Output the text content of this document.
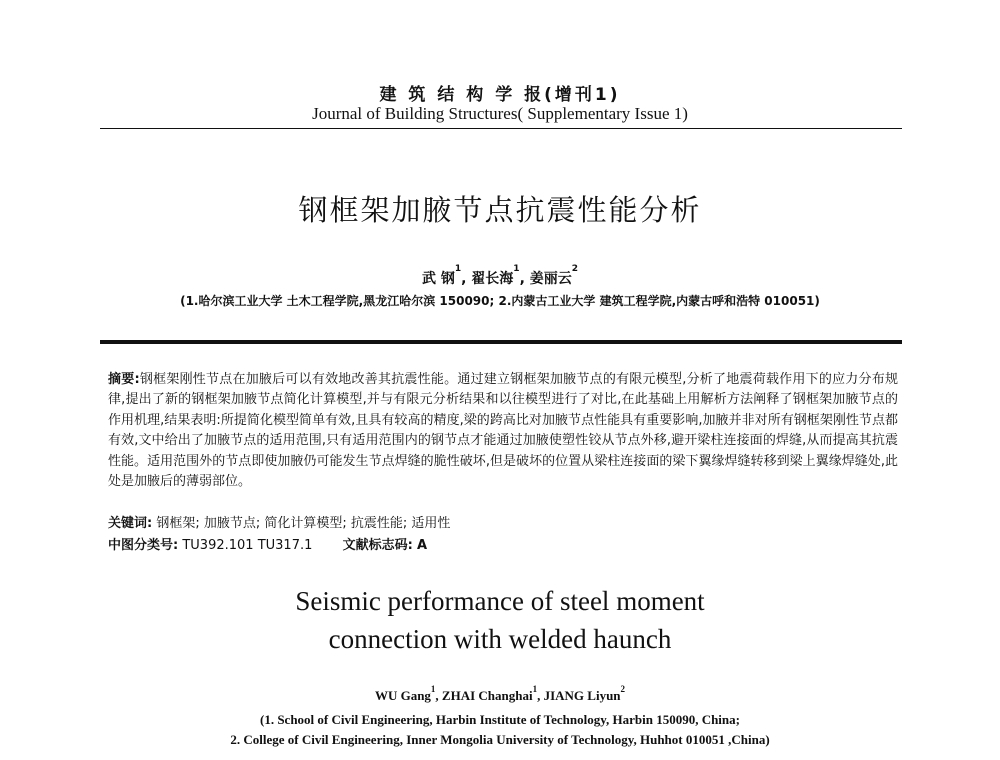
建 筑 结 构 学 报(增刊1)
Journal of Building Structures( Supplementary Issue 1)
钢框架加腋节点抗震性能分析
武 钢$^1$, 翟长海$^1$, 姜丽云$^2$
(1.哈尔滨工业大学 土木工程学院,黑龙江哈尔滨 150090; 2.内蒙古工业大学 建筑工程学院,内蒙古呼和浩特 010051)
摘要:钢框架刚性节点在加腋后可以有效地改善其抗震性能。通过建立钢框架加腋节点的有限元模型,分析了地震荷载作用下的应力分布规律,提出了新的钢框架加腋节点简化计算模型,并与有限元分析结果和以往模型进行了对比,在此基础上用解析方法阐释了钢框架加腋节点的作用机理,结果表明:所提简化模型简单有效,且具有较高的精度,梁的跨高比对加腋节点性能具有重要影响,加腋并非对所有钢框架刚性节点都有效,文中给出了加腋节点的适用范围,只有适用范围内的钢节点才能通过加腋使塑性铰从节点外移,避开梁柱连接面的焊缝,从而提高其抗震性能。适用范围外的节点即使加腋仍可能发生节点焊缝的脆性破坏,但是破坏的位置从梁柱连接面的梁下翼缘焊缝转移到梁上翼缘焊缝处,此处是加腋后的薄弱部位。
关键词: 钢框架; 加腋节点; 简化计算模型; 抗震性能; 适用性
中图分类号: TU392.101 TU317.1 文献标志码: A
Seismic performance of steel moment
connection with welded haunch
WU Gang$^1$, ZHAI Changhai$^1$, JIANG Liyun$^2$
(1. School of Civil Engineering, Harbin Institute of Technology, Harbin 150090, China;
2. College of Civil Engineering, Inner Mongolia University of Technology, Huhhot 010051 ,China)
